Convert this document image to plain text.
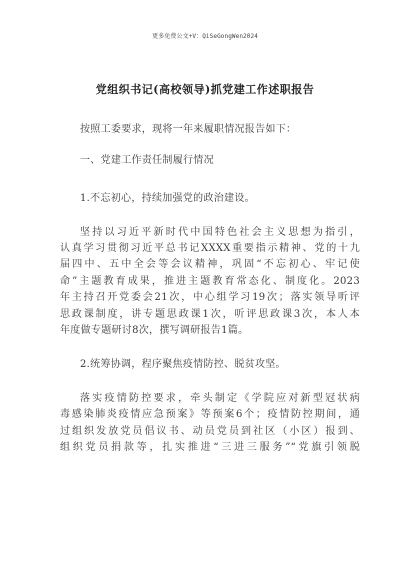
更多免费公文+V：QiSeGongWen2024
党组织书记(高校领导)抓党建工作述职报告
按照工委要求，现将一年来履职情况报告如下：
一、党建工作责任制履行情况
1.不忘初心，持续加强党的政治建设。
坚持以习近平新时代中国特色社会主义思想为指引，
认真学习贯彻习近平总书记XXXX重要指示精神、党的十九
届四中、五中全会等会议精神，巩固“不忘初心、牢记使
命”主题教育成果，推进主题教育常态化、制度化。2023
年主持召开党委会21次，中心组学习19次；落实领导听评
思政课制度，讲专题思政课1次，听评思政课3次，本人本
年度做专题研讨8次，撰写调研报告1篇。
2.统筹协调，程序聚焦疫情防控、脱贫攻坚。
落实疫情防控要求，牵头制定《学院应对新型冠状病
毒感染肺炎疫情应急预案》等预案6个；疫情防控期间，通
过组织发放党员倡议书、动员党员到社区（小区）报到、
组织党员捐款等，扎实推进“三进三服务”“党旗引领脱
